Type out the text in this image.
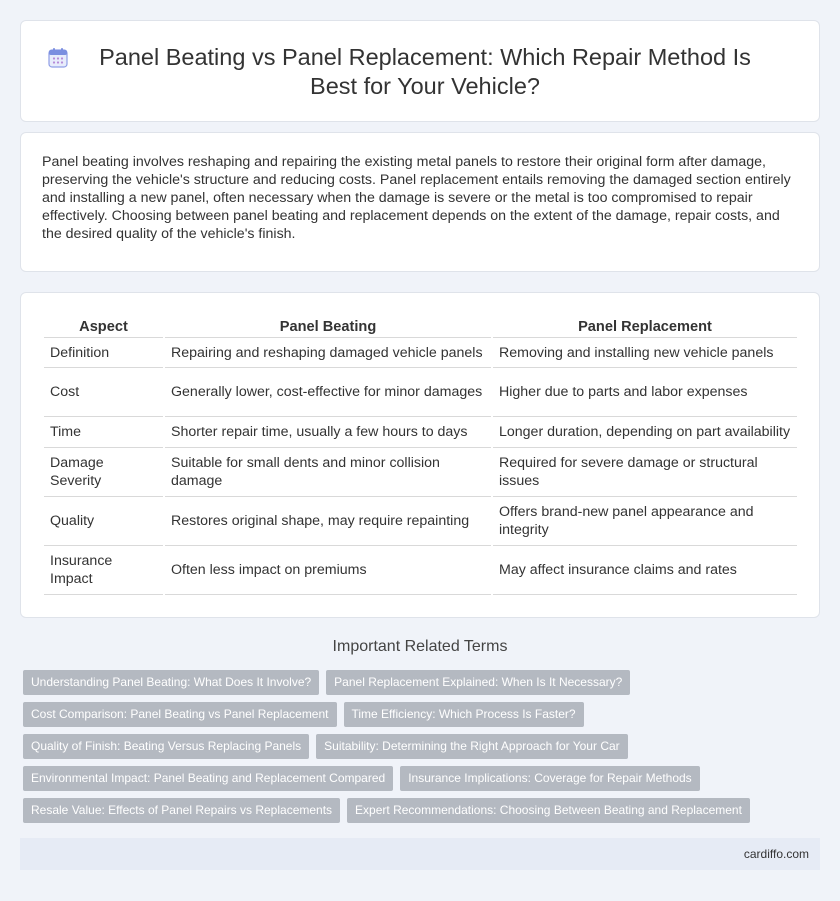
Panel Beating vs Panel Replacement: Which Repair Method Is Best for Your Vehicle?

Panel beating involves reshaping and repairing the existing metal panels to restore their original form after damage, preserving the vehicle's structure and reducing costs. Panel replacement entails removing the damaged section entirely and installing a new panel, often necessary when the damage is severe or the metal is too compromised to repair effectively. Choosing between panel beating and replacement depends on the extent of the damage, repair costs, and the desired quality of the vehicle's finish.

Aspect	Panel Beating	Panel Replacement
Definition	Repairing and reshaping damaged vehicle panels	Removing and installing new vehicle panels
Cost	Generally lower, cost-effective for minor damages	Higher due to parts and labor expenses
Time	Shorter repair time, usually a few hours to days	Longer duration, depending on part availability
Damage Severity	Suitable for small dents and minor collision damage	Required for severe damage or structural issues
Quality	Restores original shape, may require repainting	Offers brand-new panel appearance and integrity
Insurance Impact	Often less impact on premiums	May affect insurance claims and rates
Important Related Terms
Understanding Panel Beating: What Does It Involve?	Panel Replacement Explained: When Is It Necessary?
Cost Comparison: Panel Beating vs Panel Replacement	Time Efficiency: Which Process Is Faster?
Quality of Finish: Beating Versus Replacing Panels	Suitability: Determining the Right Approach for Your Car
Environmental Impact: Panel Beating and Replacement Compared	Insurance Implications: Coverage for Repair Methods
Resale Value: Effects of Panel Repairs vs Replacements	Expert Recommendations: Choosing Between Beating and Replacement
cardiffo.com
